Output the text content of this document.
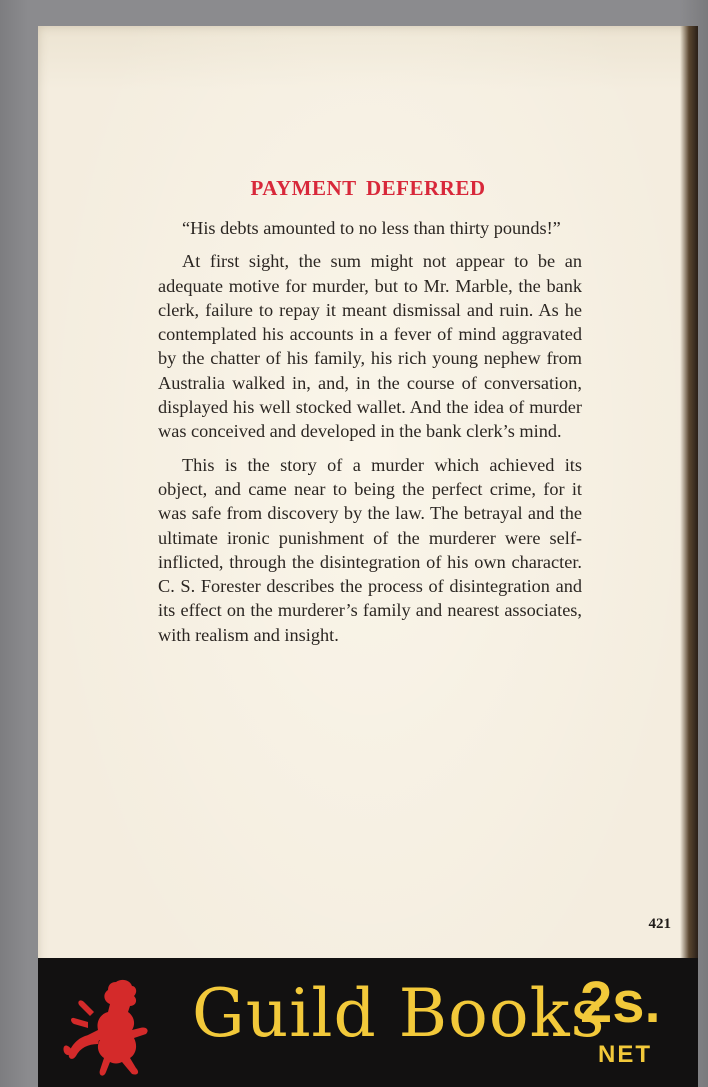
PAYMENT DEFERRED

“His debts amounted to no less than thirty pounds!”

At first sight, the sum might not appear to be an adequate motive for murder, but to Mr. Marble, the bank clerk, failure to repay it meant dismissal and ruin. As he contemplated his accounts in a fever of mind aggravated by the chatter of his family, his rich young nephew from Australia walked in, and, in the course of conversation, displayed his well stocked wallet. And the idea of murder was conceived and developed in the bank clerk’s mind.

This is the story of a murder which achieved its object, and came near to being the perfect crime, for it was safe from discovery by the law. The betrayal and the ultimate ironic punishment of the murderer were self-inflicted, through the disintegration of his own character. C. S. Forester describes the process of disintegration and its effect on the murderer’s family and nearest associates, with realism and insight.

421
Guild Books
2s.
NET
